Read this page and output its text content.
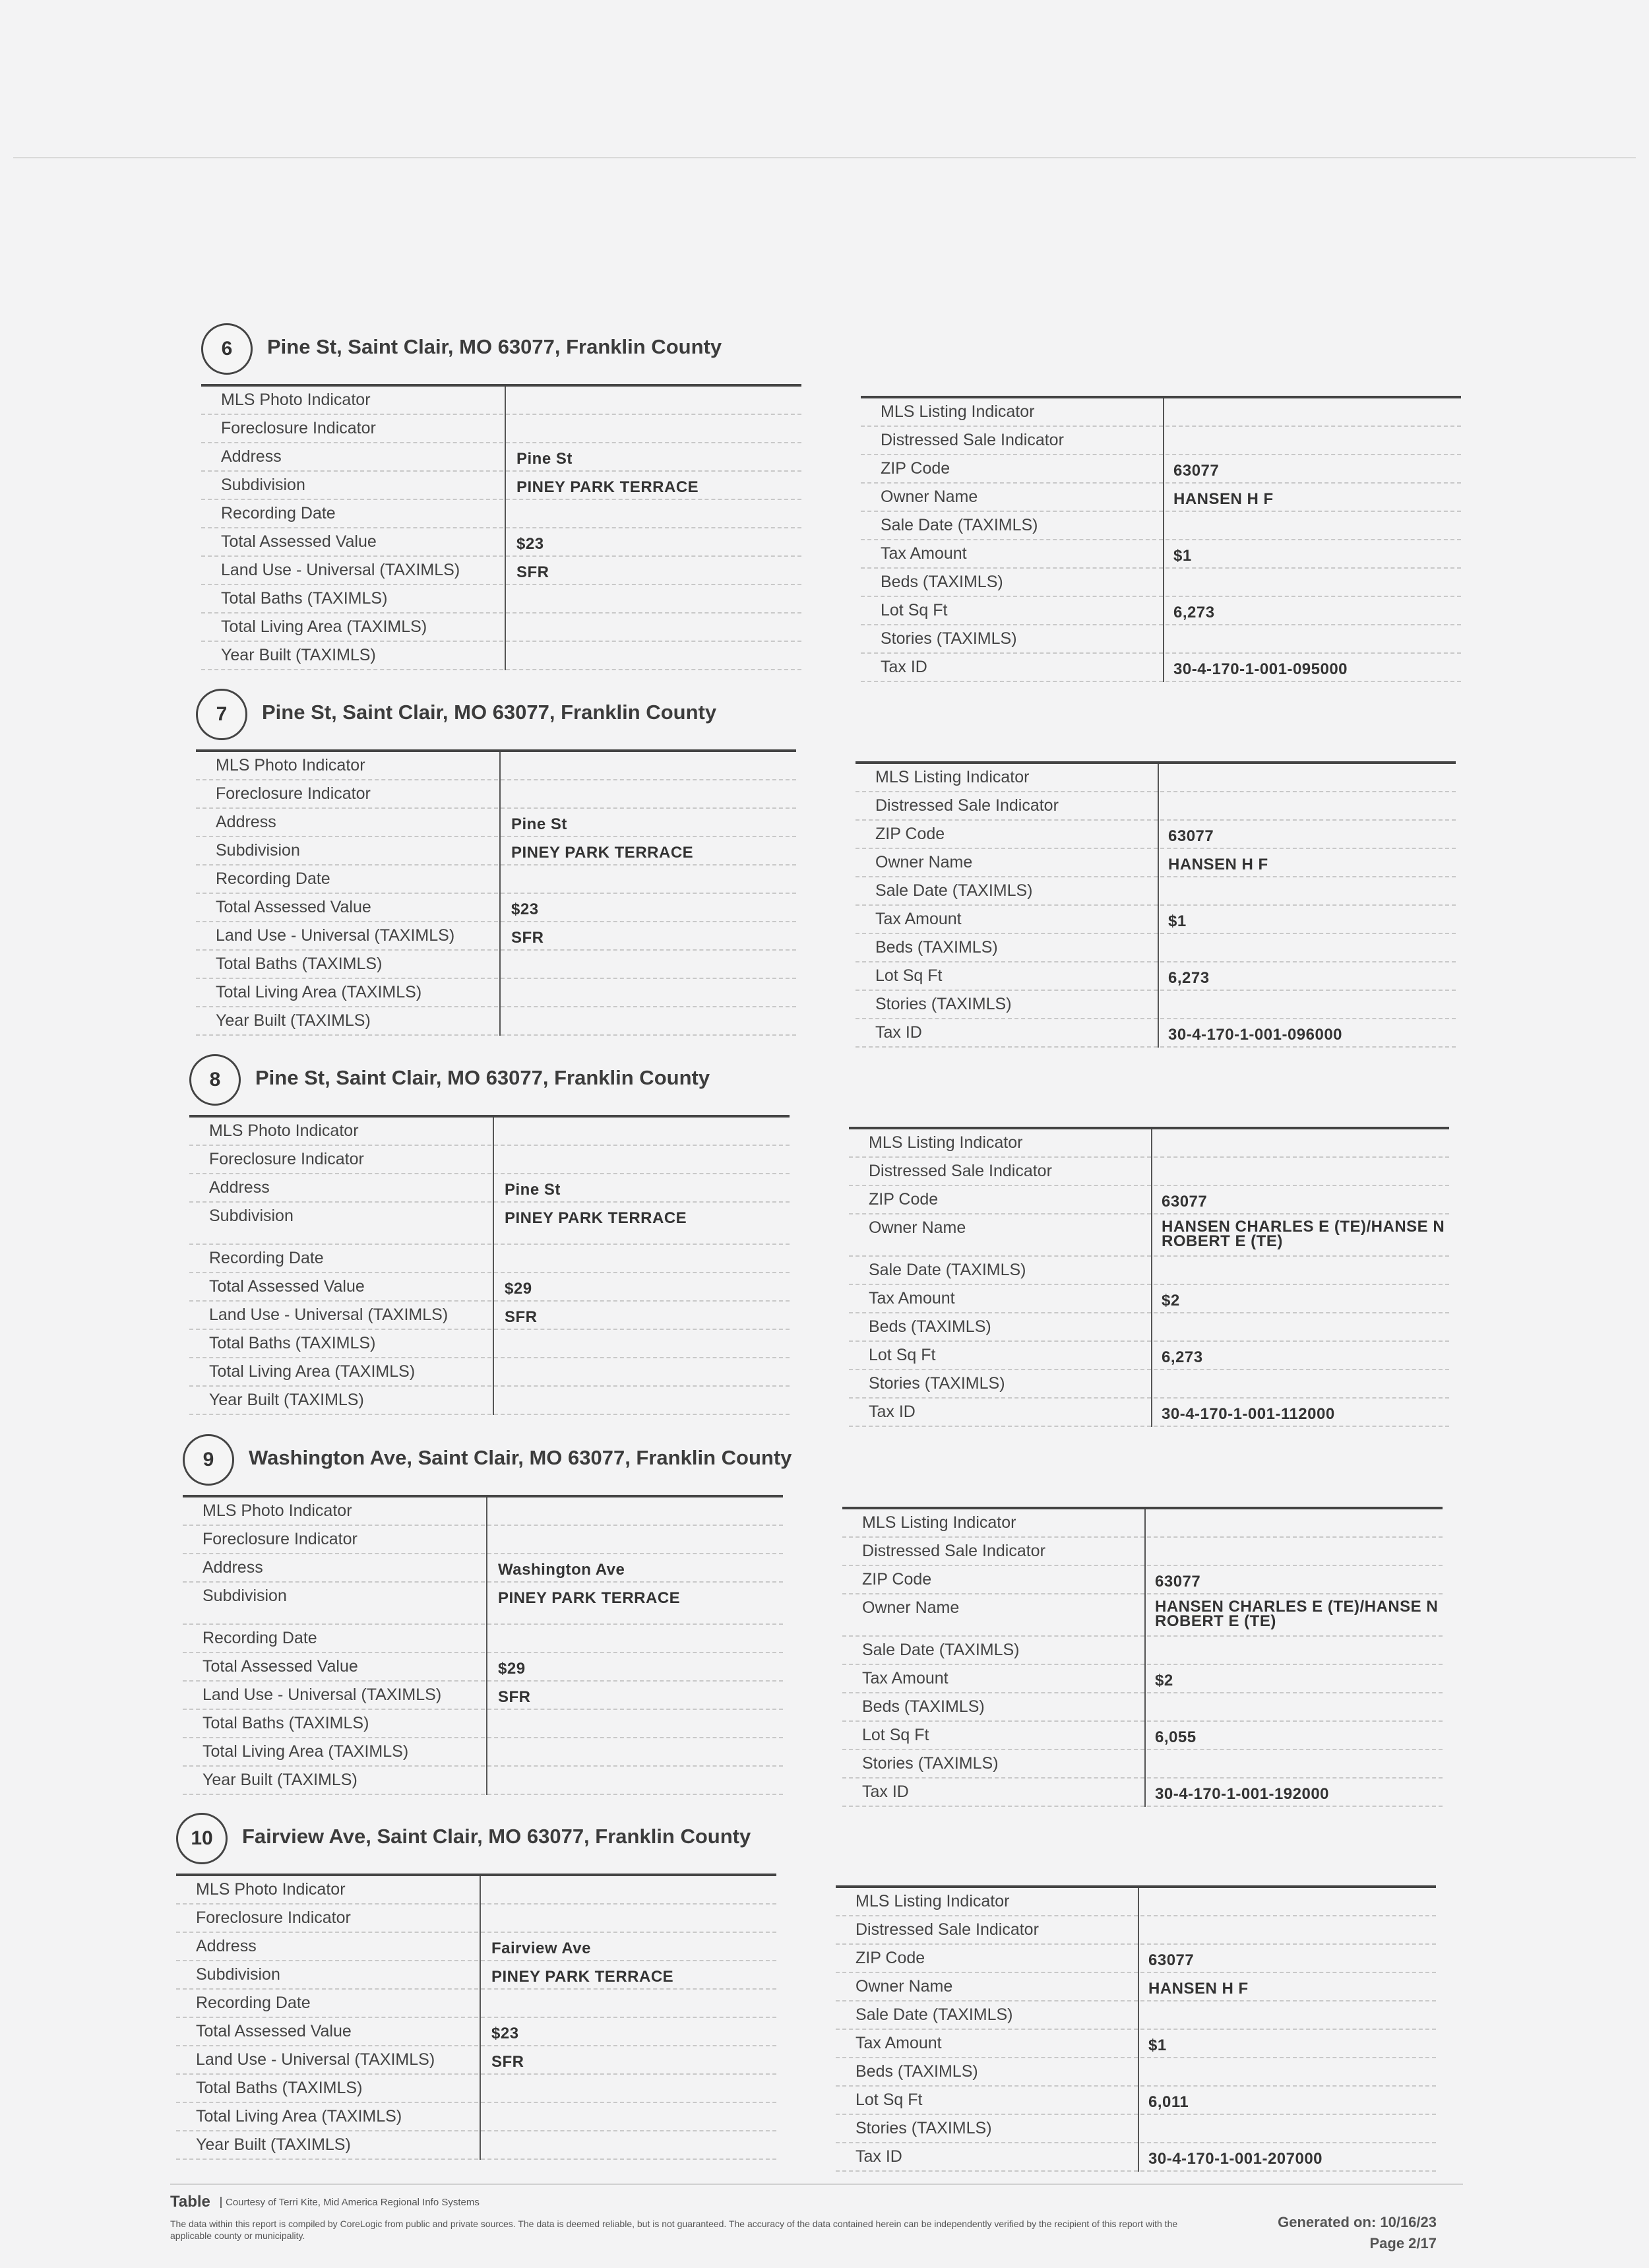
6	Pine St, Saint Clair, MO 63077, Franklin County
MLS Photo Indicator
Foreclosure Indicator
Address	Pine St
Subdivision	PINEY PARK TERRACE
Recording Date
Total Assessed Value	$23
Land Use - Universal (TAXIMLS)	SFR
Total Baths (TAXIMLS)
Total Living Area (TAXIMLS)
Year Built (TAXIMLS)
MLS Listing Indicator
Distressed Sale Indicator
ZIP Code	63077
Owner Name	HANSEN H F
Sale Date (TAXIMLS)
Tax Amount	$1
Beds (TAXIMLS)
Lot Sq Ft	6,273
Stories (TAXIMLS)
Tax ID	30-4-170-1-001-095000
7	Pine St, Saint Clair, MO 63077, Franklin County
MLS Photo Indicator
Foreclosure Indicator
Address	Pine St
Subdivision	PINEY PARK TERRACE
Recording Date
Total Assessed Value	$23
Land Use - Universal (TAXIMLS)	SFR
Total Baths (TAXIMLS)
Total Living Area (TAXIMLS)
Year Built (TAXIMLS)
MLS Listing Indicator
Distressed Sale Indicator
ZIP Code	63077
Owner Name	HANSEN H F
Sale Date (TAXIMLS)
Tax Amount	$1
Beds (TAXIMLS)
Lot Sq Ft	6,273
Stories (TAXIMLS)
Tax ID	30-4-170-1-001-096000
8	Pine St, Saint Clair, MO 63077, Franklin County
MLS Photo Indicator
Foreclosure Indicator
Address	Pine St
Subdivision	PINEY PARK TERRACE
Recording Date
Total Assessed Value	$29
Land Use - Universal (TAXIMLS)	SFR
Total Baths (TAXIMLS)
Total Living Area (TAXIMLS)
Year Built (TAXIMLS)
MLS Listing Indicator
Distressed Sale Indicator
ZIP Code	63077
Owner Name	HANSEN CHARLES E (TE)/HANSE N ROBERT E (TE)
Sale Date (TAXIMLS)
Tax Amount	$2
Beds (TAXIMLS)
Lot Sq Ft	6,273
Stories (TAXIMLS)
Tax ID	30-4-170-1-001-112000
9	Washington Ave, Saint Clair, MO 63077, Franklin County
MLS Photo Indicator
Foreclosure Indicator
Address	Washington Ave
Subdivision	PINEY PARK TERRACE
Recording Date
Total Assessed Value	$29
Land Use - Universal (TAXIMLS)	SFR
Total Baths (TAXIMLS)
Total Living Area (TAXIMLS)
Year Built (TAXIMLS)
MLS Listing Indicator
Distressed Sale Indicator
ZIP Code	63077
Owner Name	HANSEN CHARLES E (TE)/HANSE N ROBERT E (TE)
Sale Date (TAXIMLS)
Tax Amount	$2
Beds (TAXIMLS)
Lot Sq Ft	6,055
Stories (TAXIMLS)
Tax ID	30-4-170-1-001-192000
10	Fairview Ave, Saint Clair, MO 63077, Franklin County
MLS Photo Indicator
Foreclosure Indicator
Address	Fairview Ave
Subdivision	PINEY PARK TERRACE
Recording Date
Total Assessed Value	$23
Land Use - Universal (TAXIMLS)	SFR
Total Baths (TAXIMLS)
Total Living Area (TAXIMLS)
Year Built (TAXIMLS)
MLS Listing Indicator
Distressed Sale Indicator
ZIP Code	63077
Owner Name	HANSEN H F
Sale Date (TAXIMLS)
Tax Amount	$1
Beds (TAXIMLS)
Lot Sq Ft	6,011
Stories (TAXIMLS)
Tax ID	30-4-170-1-001-207000
Table	Courtesy of Terri Kite, Mid America Regional Info Systems
The data within this report is compiled by CoreLogic from public and private sources. The data is deemed reliable, but is not guaranteed. The accuracy of the data contained herein can be independently verified by the recipient of this report with the applicable county or municipality.
Generated on: 10/16/23
Page 2/17
